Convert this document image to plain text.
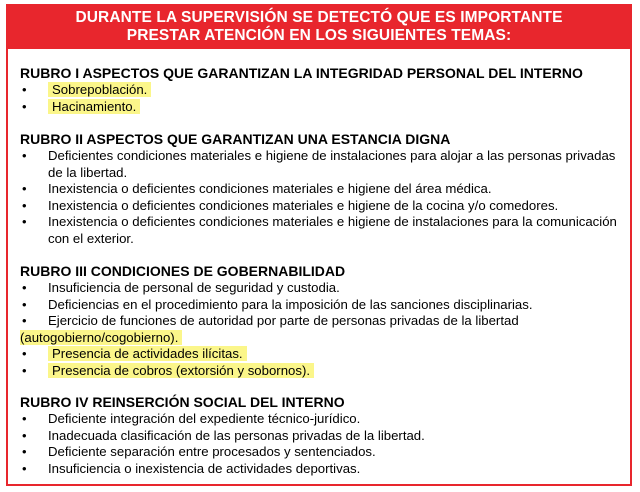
DURANTE LA SUPERVISIÓN SE DETECTÓ QUE ES IMPORTANTE
PRESTAR ATENCIÓN EN LOS SIGUIENTES TEMAS:

RUBRO I ASPECTOS QUE GARANTIZAN LA INTEGRIDAD PERSONAL DEL INTERNO

• Sobrepoblación.
• Hacinamiento.

RUBRO II ASPECTOS QUE GARANTIZAN UNA ESTANCIA DIGNA

• Deficientes condiciones materiales e higiene de instalaciones para alojar a las personas privadas de la libertad.
• Inexistencia o deficientes condiciones materiales e higiene del área médica.
• Inexistencia o deficientes condiciones materiales e higiene de la cocina y/o comedores.
• Inexistencia o deficientes condiciones materiales e higiene de instalaciones para la comunicación con el exterior.

RUBRO III CONDICIONES DE GOBERNABILIDAD

• Insuficiencia de personal de seguridad y custodia.
• Deficiencias en el procedimiento para la imposición de las sanciones disciplinarias.
• Ejercicio de funciones de autoridad por parte de personas privadas de la libertad
(autogobierno/cogobierno).
• Presencia de actividades ilícitas.
• Presencia de cobros (extorsión y sobornos).

RUBRO IV REINSERCIÓN SOCIAL DEL INTERNO

• Deficiente integración del expediente técnico-jurídico.
• Inadecuada clasificación de las personas privadas de la libertad.
• Deficiente separación entre procesados y sentenciados.
• Insuficiencia o inexistencia de actividades deportivas.
